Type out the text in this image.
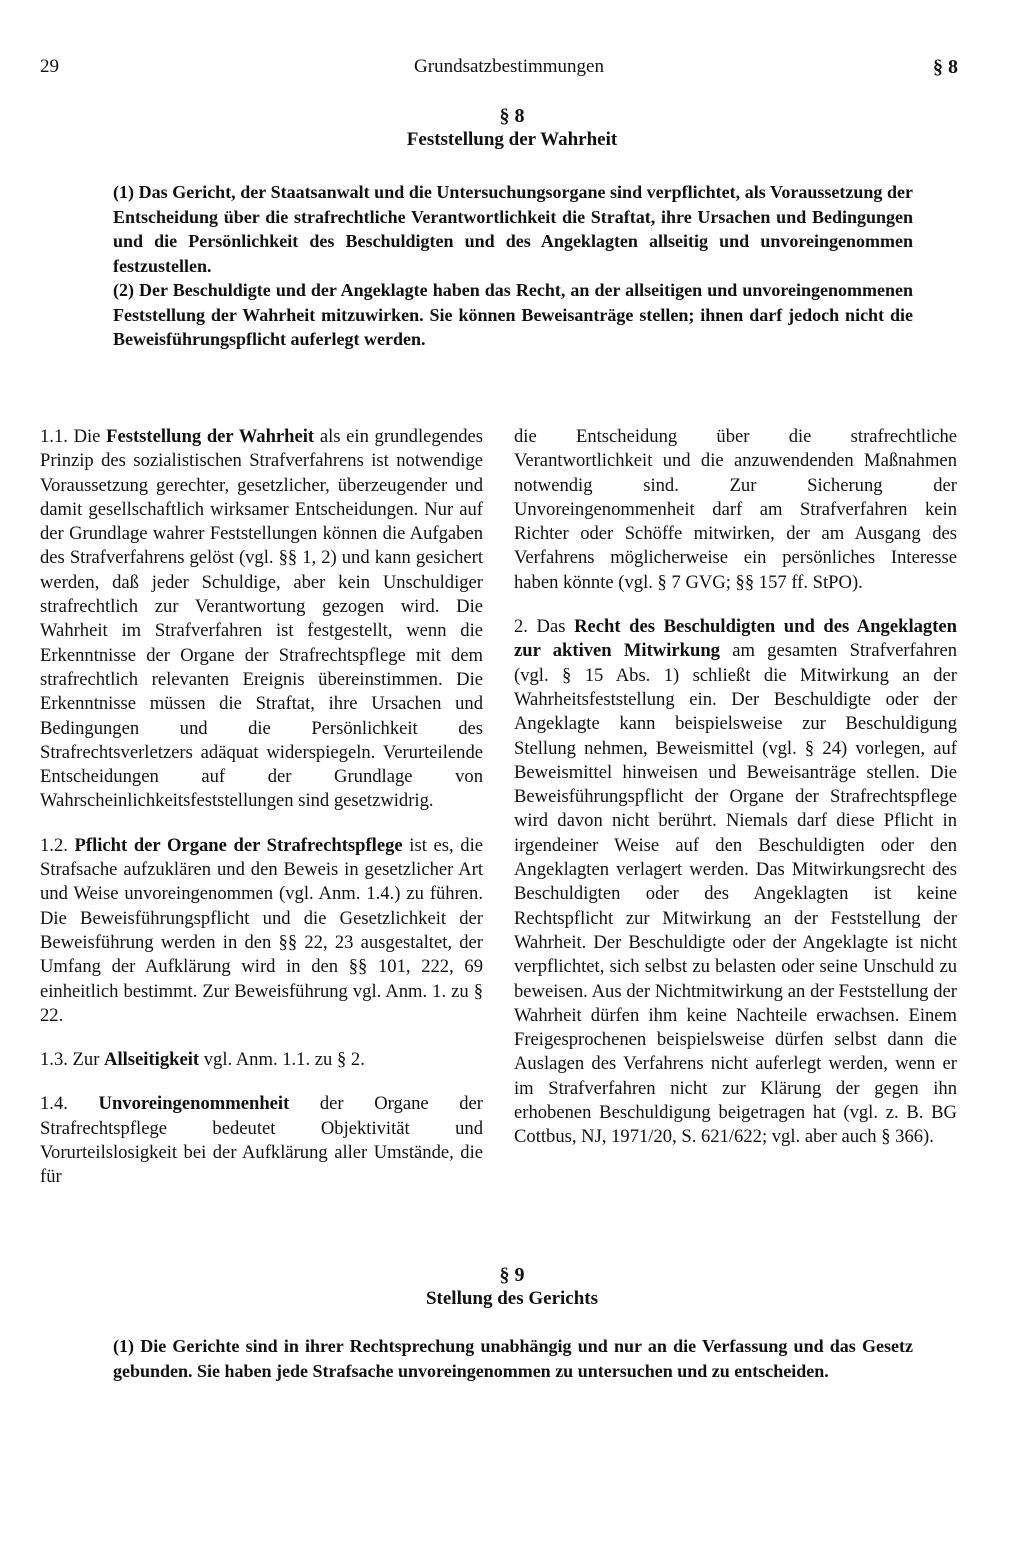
29	Grundsatzbestimmungen	§ 8
§ 8
Feststellung der Wahrheit

(1) Das Gericht, der Staatsanwalt und die Untersuchungsorgane sind verpflichtet, als Voraussetzung der Entscheidung über die strafrechtliche Verantwortlichkeit die Straftat, ihre Ursachen und Bedingungen und die Persönlichkeit des Beschuldigten und des Angeklagten allseitig und unvoreingenommen festzustellen.

(2) Der Beschuldigte und der Angeklagte haben das Recht, an der allseitigen und unvoreingenommenen Feststellung der Wahrheit mitzuwirken. Sie können Beweisanträge stellen; ihnen darf jedoch nicht die Beweisführungspflicht auferlegt werden.

1.1. Die Feststellung der Wahrheit als ein grundlegendes Prinzip des sozialistischen Strafverfahrens ist notwendige Voraussetzung gerechter, gesetzlicher, überzeugender und damit gesellschaftlich wirksamer Entscheidungen. Nur auf der Grundlage wahrer Feststellungen können die Aufgaben des Strafverfahrens gelöst (vgl. §§ 1, 2) und kann gesichert werden, daß jeder Schuldige, aber kein Unschuldiger strafrechtlich zur Verantwortung gezogen wird. Die Wahrheit im Strafverfahren ist festgestellt, wenn die Erkenntnisse der Organe der Strafrechtspflege mit dem strafrechtlich relevanten Ereignis übereinstimmen. Die Erkenntnisse müssen die Straftat, ihre Ursachen und Bedingungen und die Persönlichkeit des Strafrechtsverletzers adäquat widerspiegeln. Verurteilende Entscheidungen auf der Grundlage von Wahrscheinlichkeitsfeststellungen sind gesetzwidrig.

1.2. Pflicht der Organe der Strafrechtspflege ist es, die Strafsache aufzuklären und den Beweis in gesetzlicher Art und Weise unvoreingenommen (vgl. Anm. 1.4.) zu führen. Die Beweisführungspflicht und die Gesetzlichkeit der Beweisführung werden in den §§ 22, 23 ausgestaltet, der Umfang der Aufklärung wird in den §§ 101, 222, 69 einheitlich bestimmt. Zur Beweisführung vgl. Anm. 1. zu § 22.

1.3. Zur Allseitigkeit vgl. Anm. 1.1. zu § 2.

1.4. Unvoreingenommenheit der Organe der Strafrechtspflege bedeutet Objektivität und Vorurteilslosigkeit bei der Aufklärung aller Umstände, die für

die Entscheidung über die strafrechtliche Verantwortlichkeit und die anzuwendenden Maßnahmen notwendig sind. Zur Sicherung der Unvoreingenommenheit darf am Strafverfahren kein Richter oder Schöffe mitwirken, der am Ausgang des Verfahrens möglicherweise ein persönliches Interesse haben könnte (vgl. § 7 GVG; §§ 157 ff. StPO).

2. Das Recht des Beschuldigten und des Angeklagten zur aktiven Mitwirkung am gesamten Strafverfahren (vgl. § 15 Abs. 1) schließt die Mitwirkung an der Wahrheitsfeststellung ein. Der Beschuldigte oder der Angeklagte kann beispielsweise zur Beschuldigung Stellung nehmen, Beweismittel (vgl. § 24) vorlegen, auf Beweismittel hinweisen und Beweisanträge stellen. Die Beweisführungspflicht der Organe der Strafrechtspflege wird davon nicht berührt. Niemals darf diese Pflicht in irgendeiner Weise auf den Beschuldigten oder den Angeklagten verlagert werden. Das Mitwirkungsrecht des Beschuldigten oder des Angeklagten ist keine Rechtspflicht zur Mitwirkung an der Feststellung der Wahrheit. Der Beschuldigte oder der Angeklagte ist nicht verpflichtet, sich selbst zu belasten oder seine Unschuld zu beweisen. Aus der Nichtmitwirkung an der Feststellung der Wahrheit dürfen ihm keine Nachteile erwachsen. Einem Freigesprochenen beispielsweise dürfen selbst dann die Auslagen des Verfahrens nicht auferlegt werden, wenn er im Strafverfahren nicht zur Klärung der gegen ihn erhobenen Beschuldigung beigetragen hat (vgl. z. B. BG Cottbus, NJ, 1971/20, S. 621/622; vgl. aber auch § 366).

§ 9
Stellung des Gerichts

(1) Die Gerichte sind in ihrer Rechtsprechung unabhängig und nur an die Verfassung und das Gesetz gebunden. Sie haben jede Strafsache unvoreingenommen zu untersuchen und zu entscheiden.
